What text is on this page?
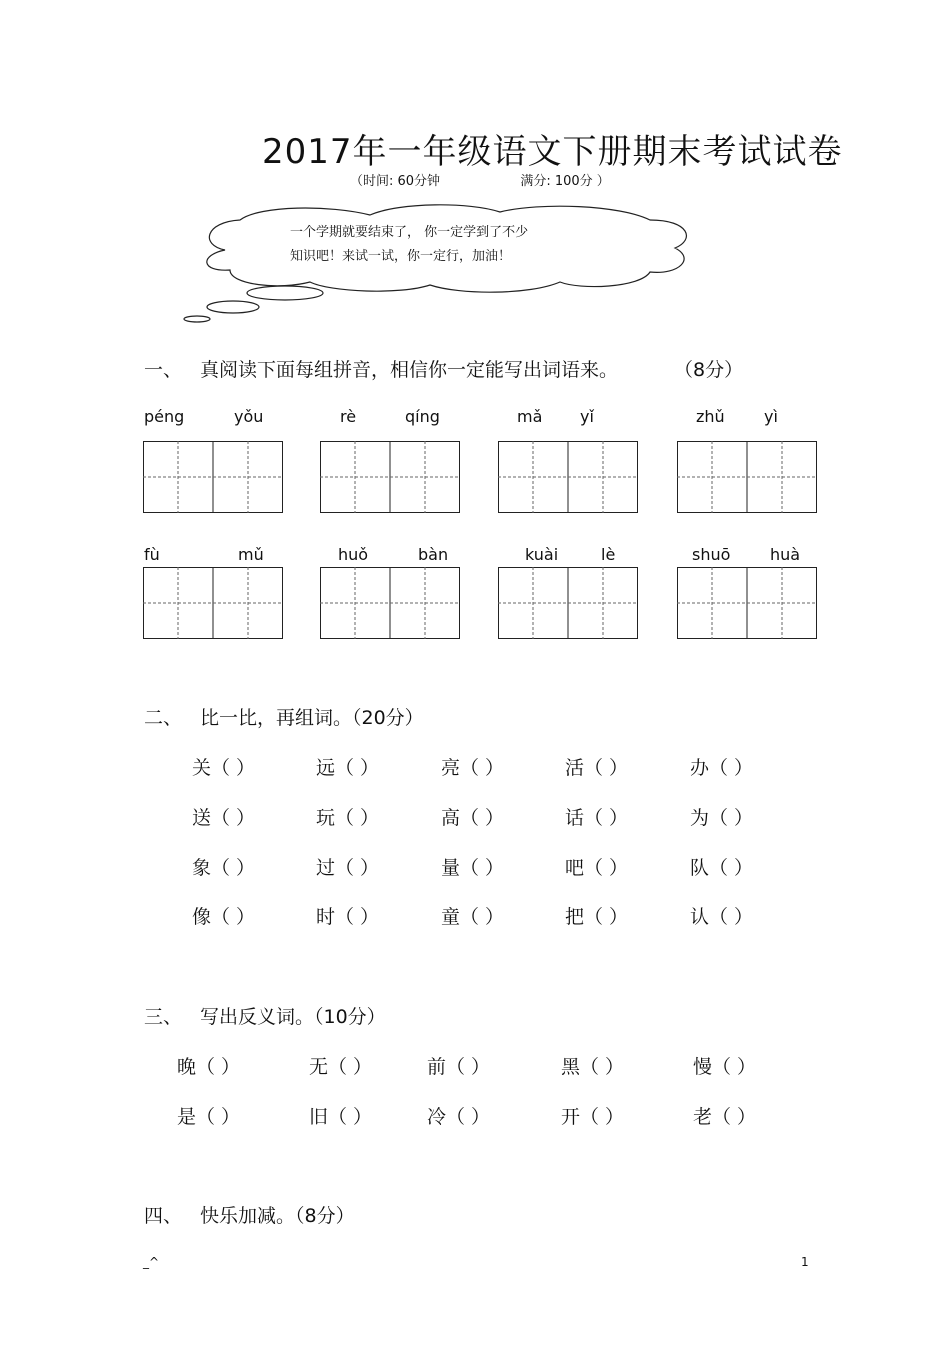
2017年一年级语文下册期末考试试卷
（时间: 60分钟	满分: 100分 ）
一个学期就要结束了， 你一定学到了不少
知识吧！来试一试，你一定行，加油！
一、 真阅读下面每组拼音，相信你一定能写出词语来。	（8分）
péng	yǒu	rè	qíng	mǎ yǐ	zhǔ yì
fù	mǔ	huǒ	bàn	kuài	lè	shuō huà
二、 比一比，再组词。（20分）
关（ ）	远（ ）	亮（ ）	活（ ）	办（ ）
送（ ）	玩（ ）	高（ ）	话（ ）	为（ ）
象（ ）	过（ ）	量（ ）	吧（ ）	队（ ）
像（ ）	时（ ）	童（ ）	把（ ）	认（ ）
三、 写出反义词。（10分）
晚（ ）	无（ ）	前（ ）	黑（ ）	慢（ ）
是（ ）	旧（ ）	冷（ ）	开（ ）	老（ ）
四、 快乐加减。（8分）
_^	1
